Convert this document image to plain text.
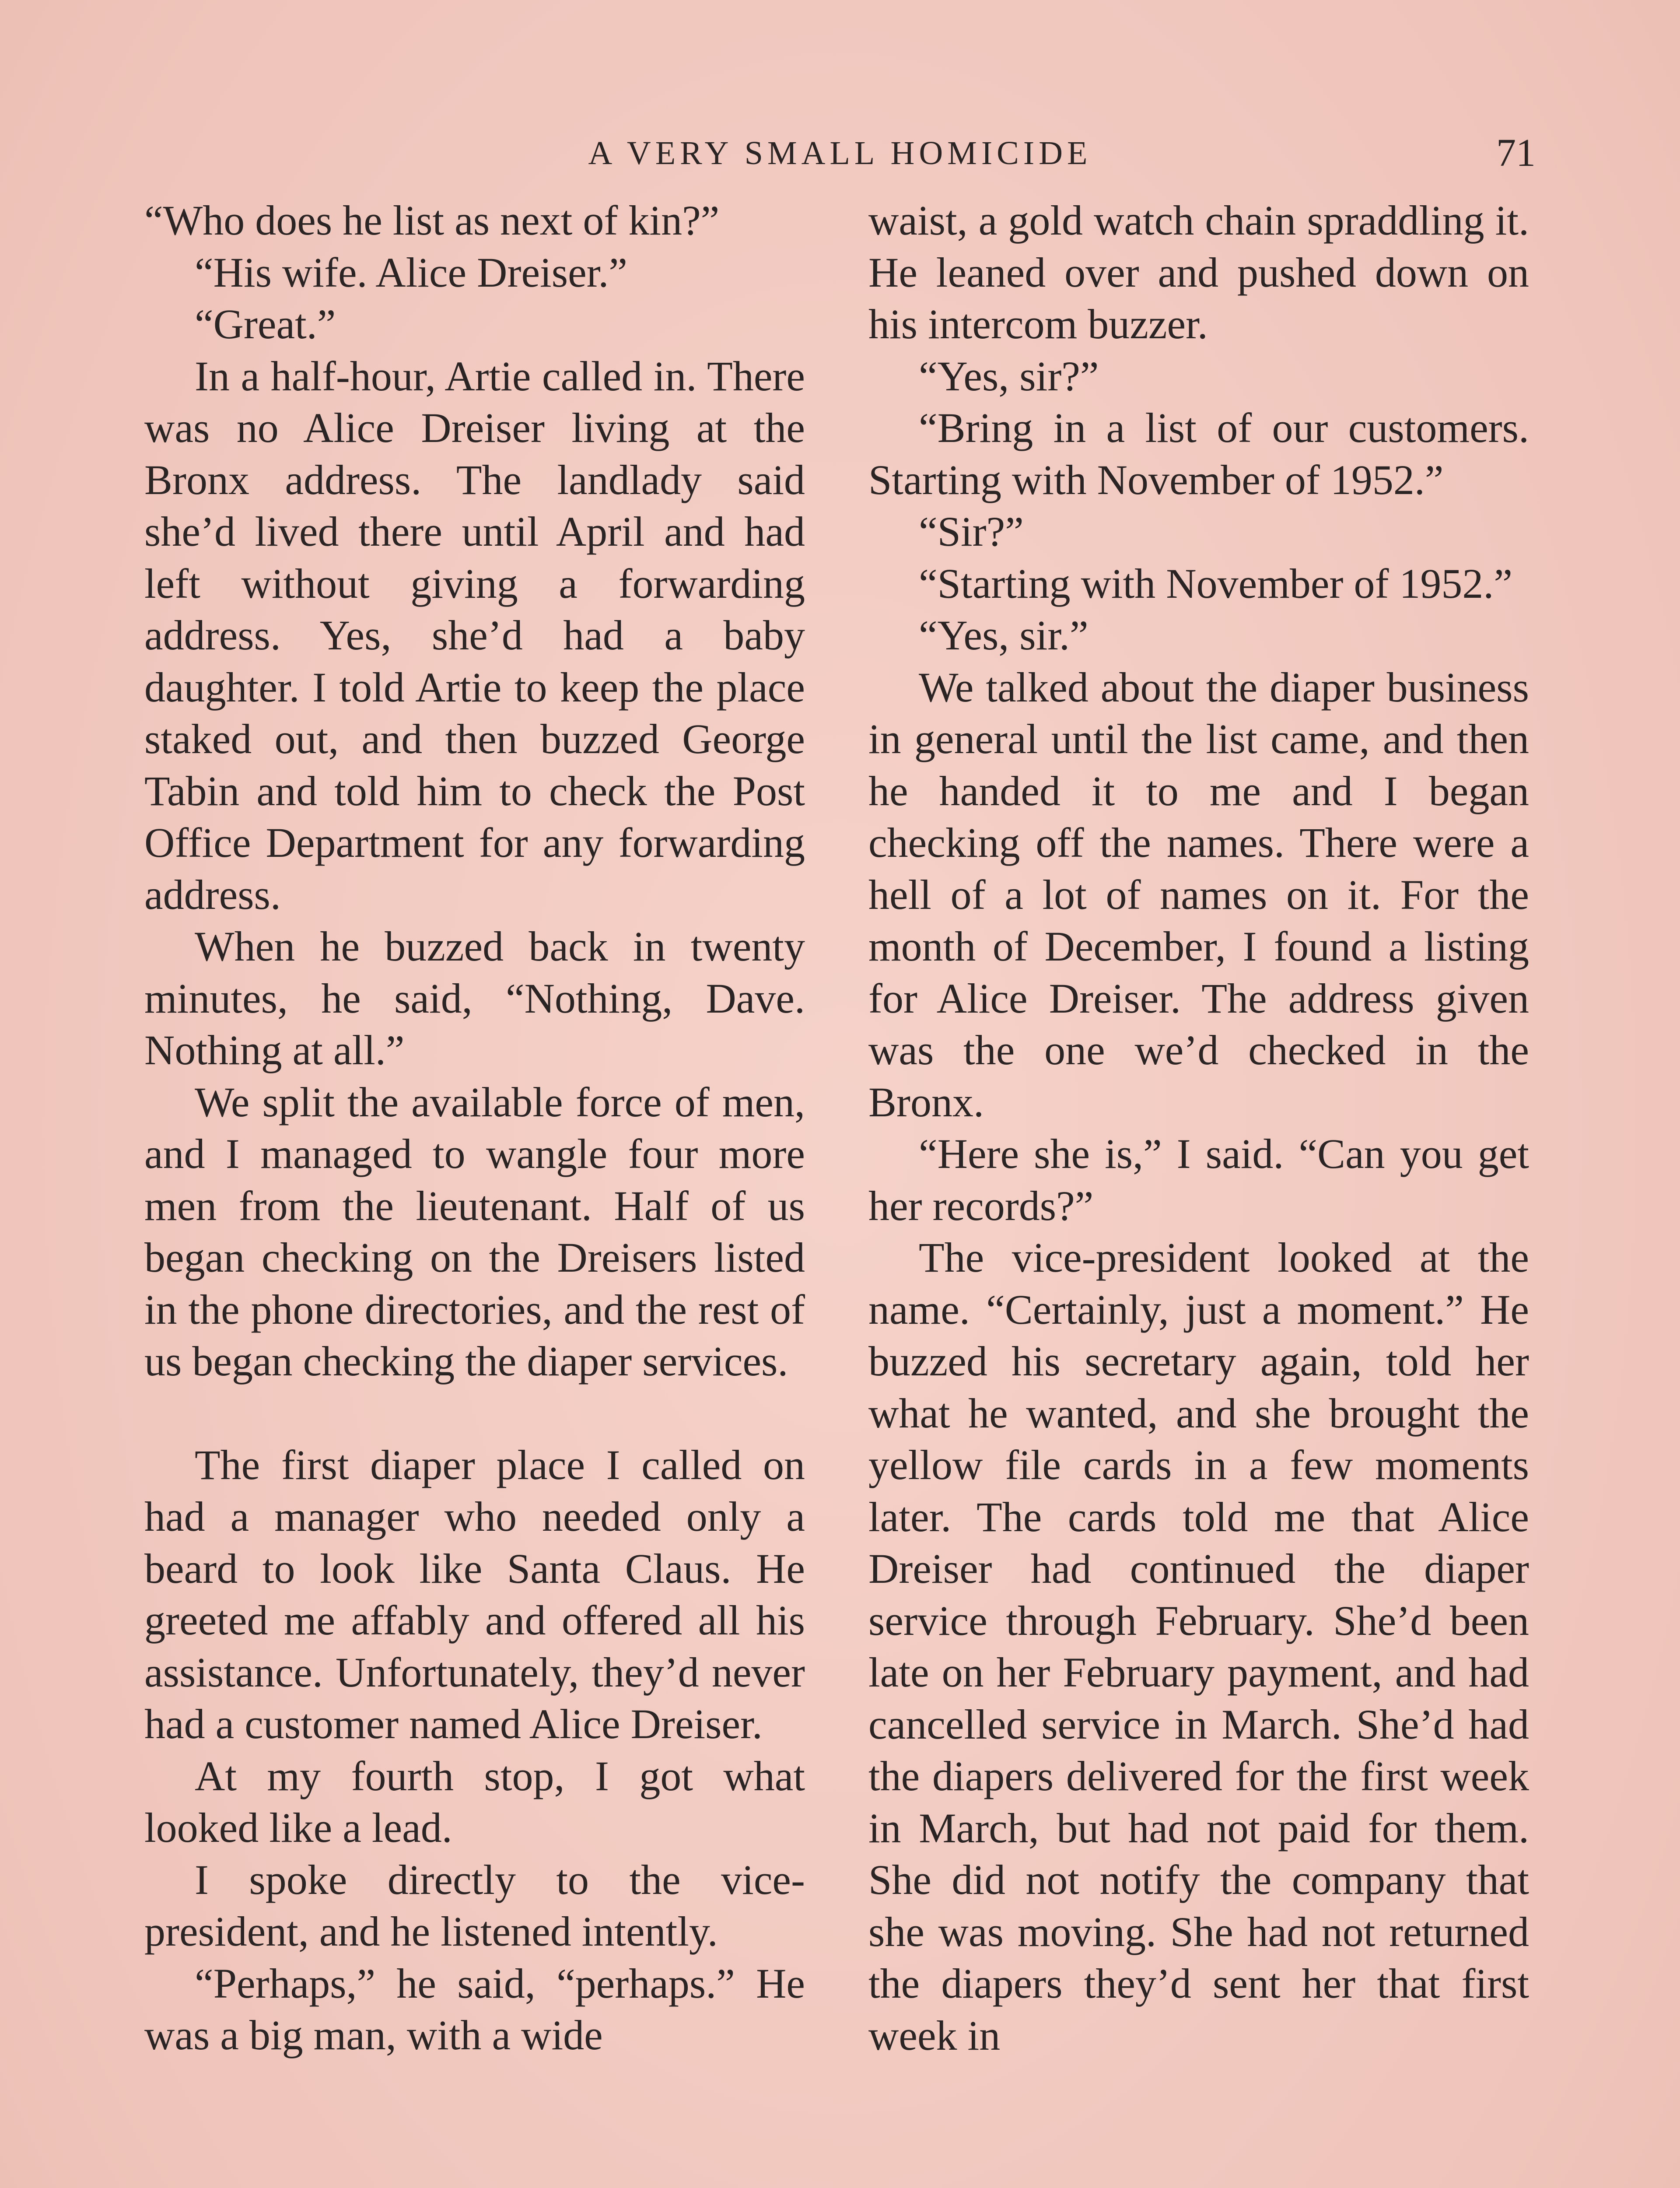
A VERY SMALL HOMICIDE	71

“Who does he list as next of kin?”

“His wife. Alice Dreiser.”

“Great.”

In a half-hour, Artie called in. There was no Alice Dreiser living at the Bronx address. The landlady said she’d lived there until April and had left without giving a forwarding address. Yes, she’d had a baby daughter. I told Artie to keep the place staked out, and then buzzed George Tabin and told him to check the Post Office Department for any forwarding address.

When he buzzed back in twenty minutes, he said, “Nothing, Dave. Nothing at all.”

We split the available force of men, and I managed to wangle four more men from the lieutenant. Half of us began checking on the Dreisers listed in the phone directories, and the rest of us began checking the diaper services.

The first diaper place I called on had a manager who needed only a beard to look like Santa Claus. He greeted me affably and offered all his assistance. Unfortunately, they’d never had a customer named Alice Dreiser.

At my fourth stop, I got what looked like a lead.

I spoke directly to the vice-president, and he listened intently.

“Perhaps,” he said, “perhaps.” He was a big man, with a wide

waist, a gold watch chain spraddling it. He leaned over and pushed down on his intercom buzzer.

“Yes, sir?”

“Bring in a list of our customers. Starting with November of 1952.”

“Sir?”

“Starting with November of 1952.”

“Yes, sir.”

We talked about the diaper business in general until the list came, and then he handed it to me and I began checking off the names. There were a hell of a lot of names on it. For the month of December, I found a listing for Alice Dreiser. The address given was the one we’d checked in the Bronx.

“Here she is,” I said. “Can you get her records?”

The vice-president looked at the name. “Certainly, just a moment.” He buzzed his secretary again, told her what he wanted, and she brought the yellow file cards in a few moments later. The cards told me that Alice Dreiser had continued the diaper service through February. She’d been late on her February payment, and had cancelled service in March. She’d had the diapers delivered for the first week in March, but had not paid for them. She did not notify the company that she was moving. She had not returned the diapers they’d sent her that first week in
